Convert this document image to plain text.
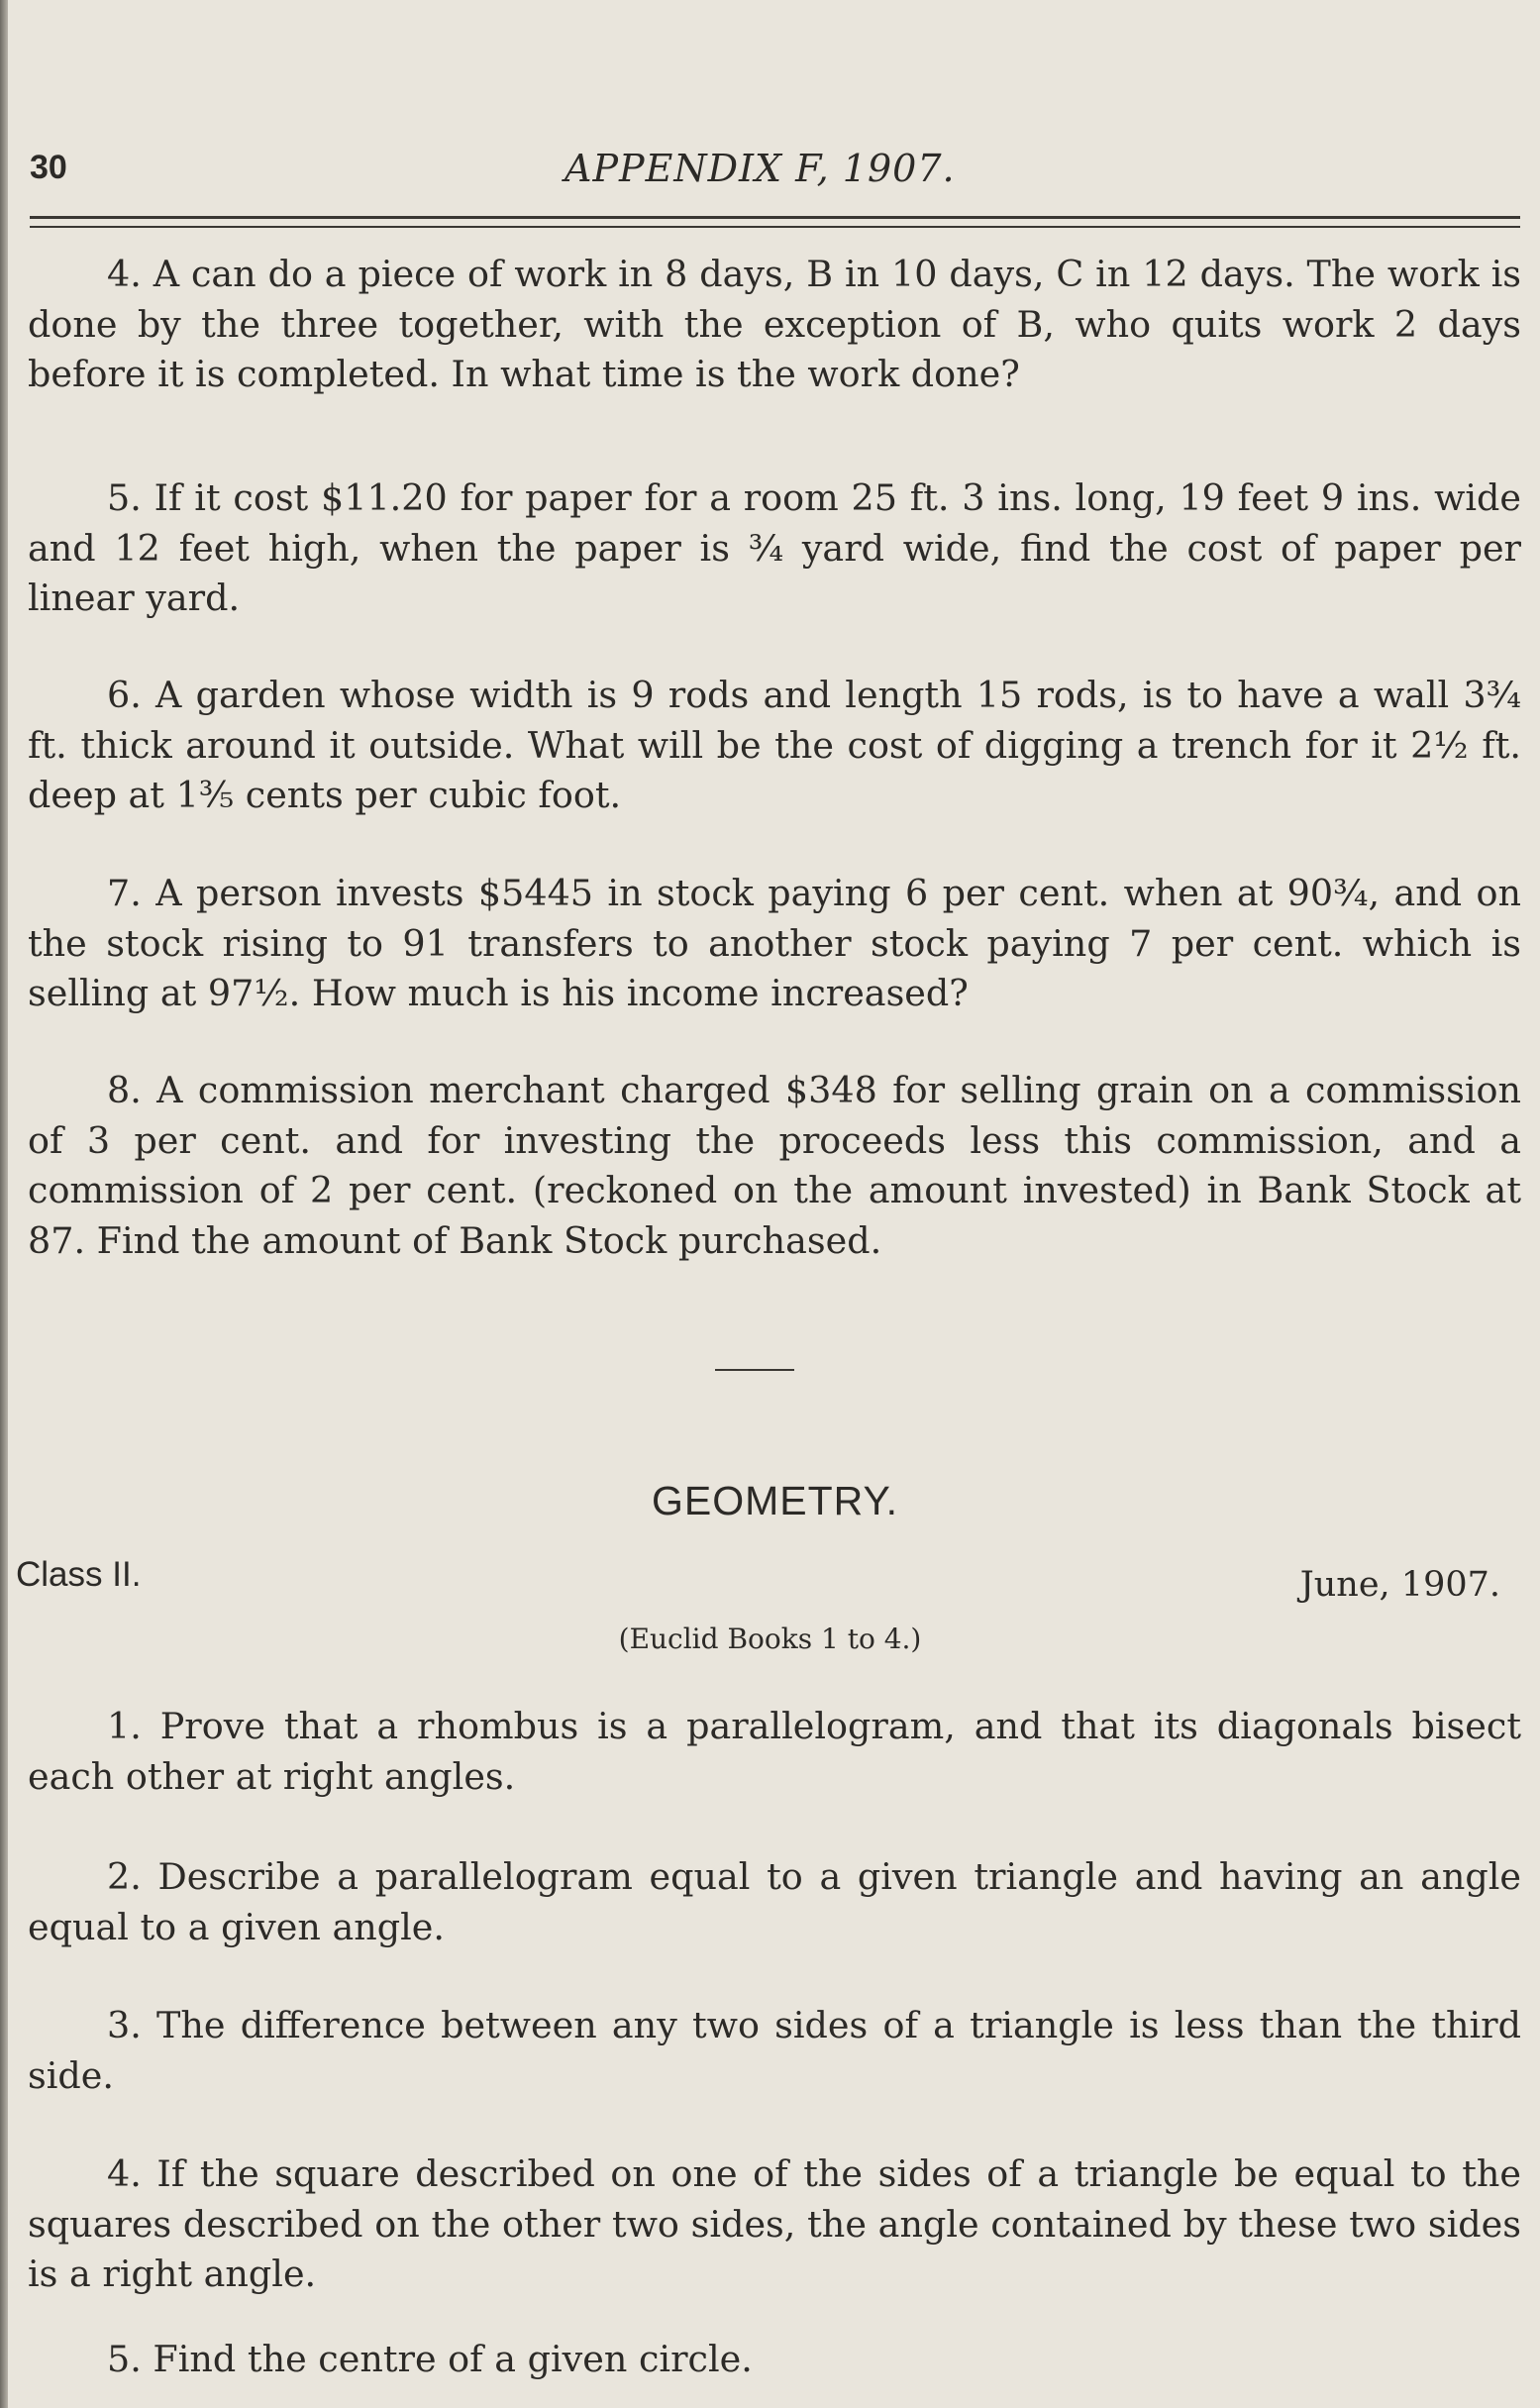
30	APPENDIX F, 1907.

4. A can do a piece of work in 8 days, B in 10 days, C in 12 days. The work is done by the three together, with the exception of B, who quits work 2 days before it is completed. In what time is the work done?

5. If it cost $11.20 for paper for a room 25 ft. 3 ins. long, 19 feet 9 ins. wide and 12 feet high, when the paper is ¾ yard wide, find the cost of paper per linear yard.

6. A garden whose width is 9 rods and length 15 rods, is to have a wall 3¾ ft. thick around it outside. What will be the cost of digging a trench for it 2½ ft. deep at 1⅗ cents per cubic foot.

7. A person invests $5445 in stock paying 6 per cent. when at 90¾, and on the stock rising to 91 transfers to another stock paying 7 per cent. which is selling at 97½. How much is his income increased?

8. A commission merchant charged $348 for selling grain on a commission of 3 per cent. and for investing the proceeds less this commission, and a commission of 2 per cent. (reckoned on the amount invested) in Bank Stock at 87. Find the amount of Bank Stock purchased.

GEOMETRY.
Class II.	June, 1907.
(Euclid Books 1 to 4.)

1. Prove that a rhombus is a parallelogram, and that its diagonals bisect each other at right angles.

2. Describe a parallelogram equal to a given triangle and having an angle equal to a given angle.

3. The difference between any two sides of a triangle is less than the third side.

4. If the square described on one of the sides of a triangle be equal to the squares described on the other two sides, the angle contained by these two sides is a right angle.

5. Find the centre of a given circle.
